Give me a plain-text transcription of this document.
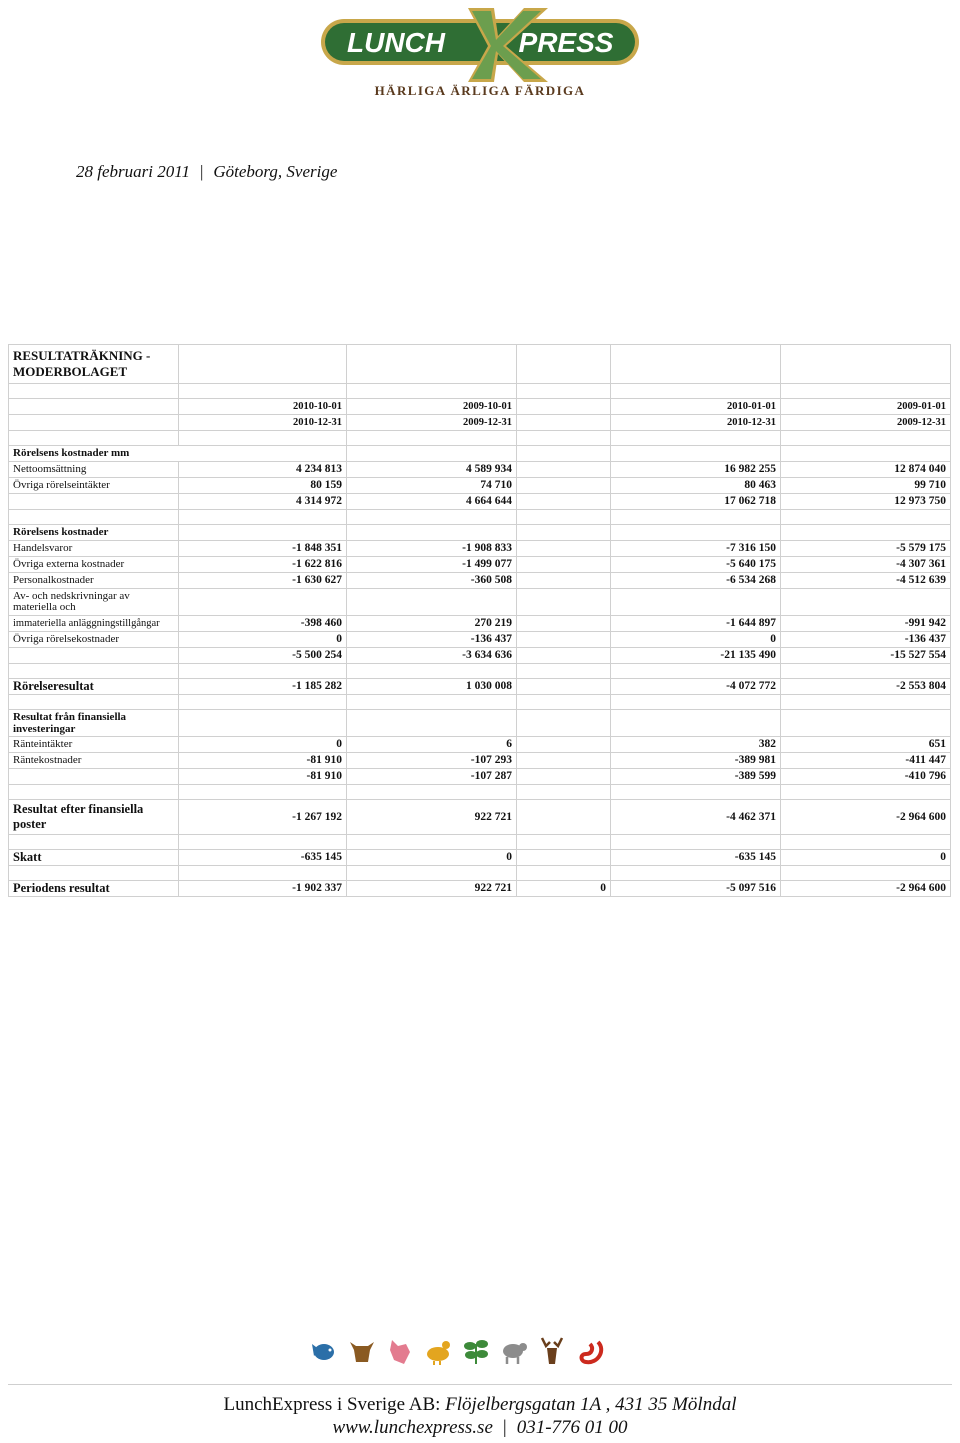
LUNCH	PRESS
HÄRLIGA ÄRLIGA FÄRDIGA
28 februari 2011 | Göteborg, Sverige
RESULTATRÄKNING - MODERBOLAGET					

	2010-10-01	2009-10-01		2010-01-01	2009-01-01
	2010-12-31	2009-12-31		2010-12-31	2009-12-31

Rörelsens kostnader mm					
Nettoomsättning	4 234 813	4 589 934		16 982 255	12 874 040
Övriga rörelseintäkter	80 159	74 710		80 463	99 710
	4 314 972	4 664 644		17 062 718	12 973 750

Rörelsens kostnader					
Handelsvaror	-1 848 351	-1 908 833		-7 316 150	-5 579 175
Övriga externa kostnader	-1 622 816	-1 499 077		-5 640 175	-4 307 361
Personalkostnader	-1 630 627	-360 508		-6 534 268	-4 512 639
Av- och nedskrivningar av materiella och					
immateriella anläggningstillgångar	-398 460	270 219		-1 644 897	-991 942
Övriga rörelsekostnader	0	-136 437		0	-136 437
	-5 500 254	-3 634 636		-21 135 490	-15 527 554

Rörelseresultat	-1 185 282	1 030 008		-4 072 772	-2 553 804

Resultat från finansiella investeringar					
Ränteintäkter	0	6		382	651
Räntekostnader	-81 910	-107 293		-389 981	-411 447
	-81 910	-107 287		-389 599	-410 796

Resultat efter finansiella poster	-1 267 192	922 721		-4 462 371	-2 964 600

Skatt	-635 145	0		-635 145	0

Periodens resultat	-1 902 337	922 721	0	-5 097 516	-2 964 600
LunchExpress i Sverige AB: Flöjelbergsgatan 1A , 431 35 Mölndal
www.lunchexpress.se | 031-776 01 00
